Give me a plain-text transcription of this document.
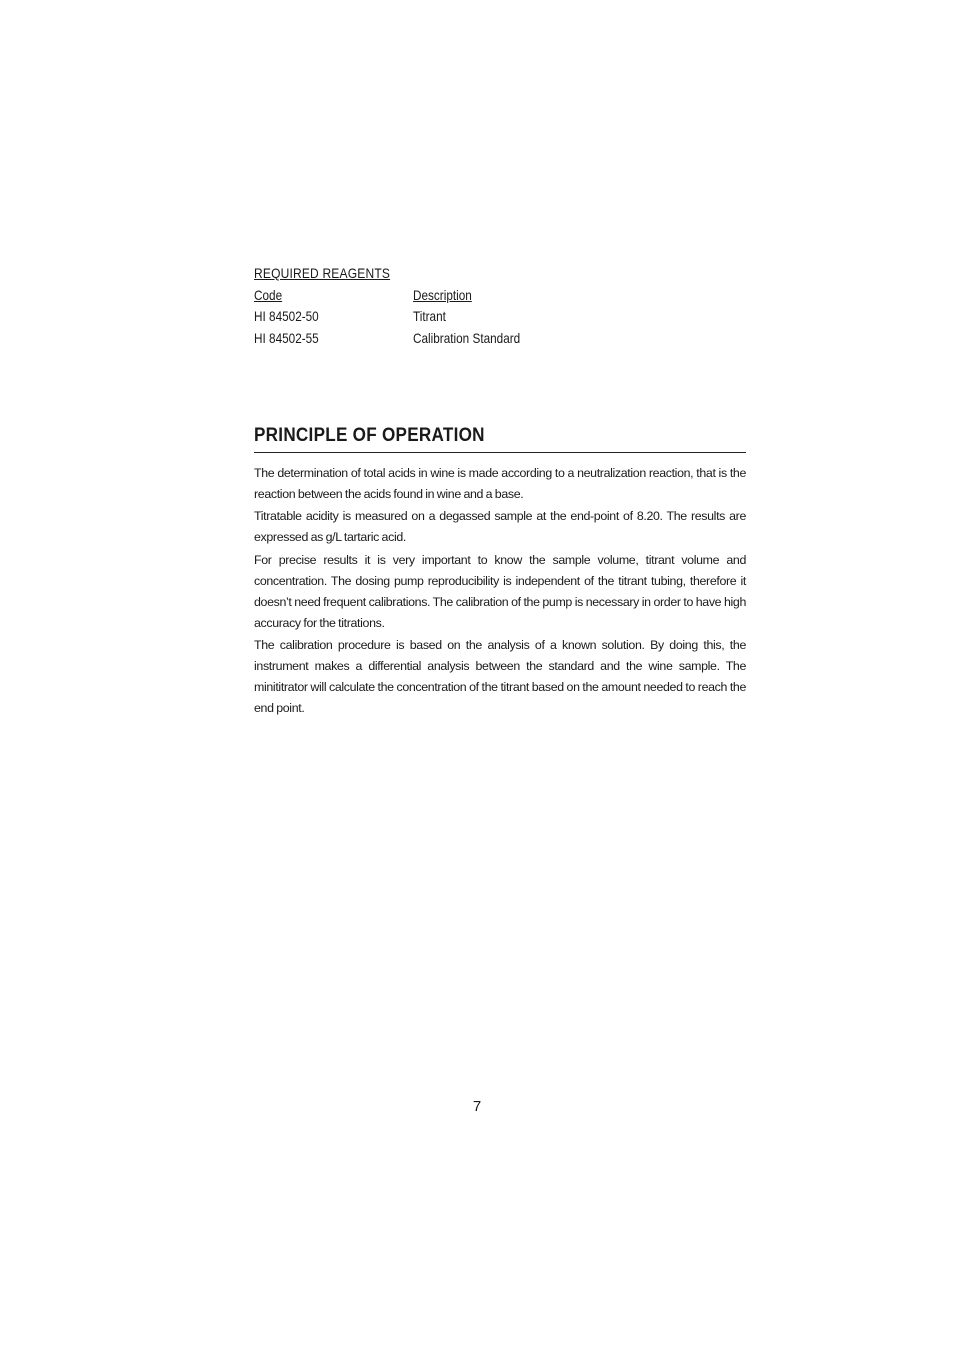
REQUIRED REAGENTS
Code	Description
HI 84502-50	Titrant
HI 84502-55	Calibration Standard
PRINCIPLE OF OPERATION

The determination of total acids in wine is made according to a neutralization reaction, that is the reaction between the acids found in wine and a base.

Titratable acidity is measured on a degassed sample at the end-point of 8.20. The results are expressed as g/L tartaric acid.

For precise results it is very important to know the sample volume, titrant volume and concentration. The dosing pump reproducibility is independent of the titrant tubing, therefore it doesn’t need frequent calibrations. The calibration of the pump is necessary in order to have high accuracy for the titrations.

The calibration procedure is based on the analysis of a known solution. By doing this, the instrument makes a differential analysis between the standard and the wine sample. The minititrator will calculate the concentration of the titrant based on the amount needed to reach the end point.

7
